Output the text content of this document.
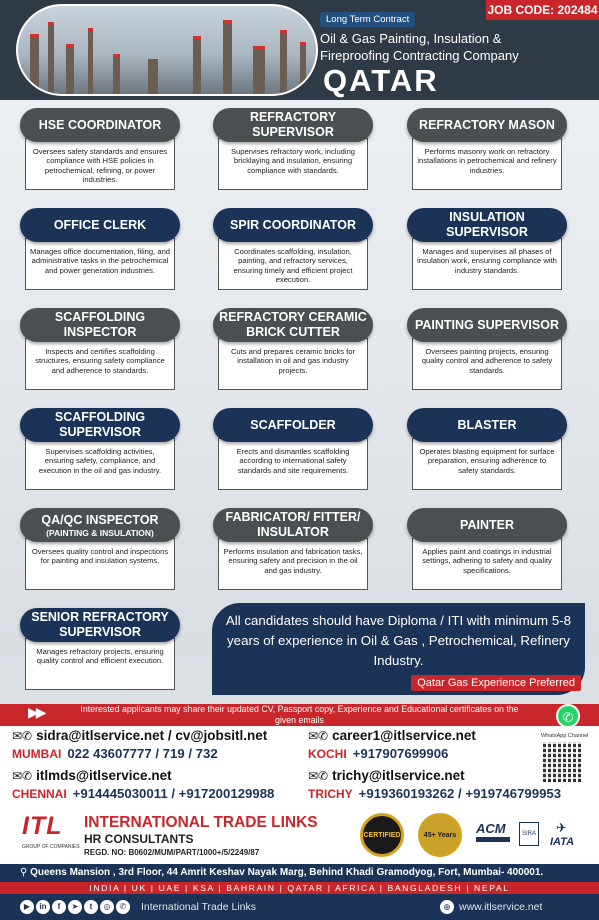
JOB CODE: 202484
Long Term Contract
Oil & Gas Painting, Insulation & Fireproofing Contracting Company
QATAR
HSE COORDINATOR
Oversees safety standards and ensures compliance with HSE policies in petrochemical, refining, or power industries.
REFRACTORY SUPERVISOR
Supervises refractory work, including bricklaying and insulation, ensuring compliance with standards.
REFRACTORY MASON
Performs masonry work on refractory installations in petrochemical and refinery industries.
OFFICE CLERK
Manages office documentation, filing, and administrative tasks in the petrochemical and power generation industries.
SPIR COORDINATOR
Coordinates scaffolding, insulation, painting, and refractory services, ensuring timely and efficient project execution.
INSULATION SUPERVISOR
Manages and supervises all phases of insulation work, ensuring compliance with industry standards.
SCAFFOLDING INSPECTOR
Inspects and certifies scaffolding structures, ensuring safety compliance and adherence to standards.
REFRACTORY CERAMIC BRICK CUTTER
Cuts and prepares ceramic bricks for installation in oil and gas industry projects.
PAINTING SUPERVISOR
Oversees painting projects, ensuring quality control and adherence to safety standards.
SCAFFOLDING SUPERVISOR
Supervises scaffolding activities, ensuring safety, compliance, and execution in the oil and gas industry.
SCAFFOLDER
Erects and dismantles scaffolding according to international safety standards and site requirements.
BLASTER
Operates blasting equipment for surface preparation, ensuring adherence to safety standards.
QA/QC INSPECTOR
(PAINTING & INSULATION)
Oversees quality control and inspections for painting and insulation systems.
FABRICATOR/ FITTER/ INSULATOR
Performs insulation and fabrication tasks, ensuring safety and precision in the oil and gas industry.
PAINTER
Applies paint and coatings in industrial settings, adhering to safety and quality specifications.
SENIOR REFRACTORY SUPERVISOR
Manages refractory projects, ensuring quality control and efficient execution.
All candidates should have Diploma / ITI with minimum 5-8 years of experience in Oil & Gas , Petrochemical, Refinery Industry.
Qatar Gas Experience Preferred
▶▶	Interested applicants may share their updated CV, Passport copy, Experience and Educational certificates on the given emails	✆
WhatsApp Channel
✉✆ sidra@itlservice.net / cv@jobsitl.net
MUMBAI 022 43607777 / 719 / 732
✉✆ career1@itlservice.net
KOCHI +917907699906
✉✆ itlmds@itlservice.net
CHENNAI +914445030011 / +917200129988
✉✆ trichy@itlservice.net
TRICHY +919360193262 / +919746799953
ITL
GROUP OF COMPANIES
INTERNATIONAL TRADE LINKS
HR CONSULTANTS
REGD. NO: B0602/MUM/PART/1000+/5/2249/87
CERTIFIED	45+ Years	ACM	SIRA ✈
IATA
⚲ Queens Mansion , 3rd Floor, 44 Amrit Keshav Nayak Marg, Behind Khadi Gramodyog, Fort, Mumbai- 400001.
INDIA | UK | UAE | KSA | BAHRAIN | QATAR | AFRICA | BANGLADESH | NEPAL
▶	in	f	➤	t	◎	✆	International Trade Links	⊕ www.itlservice.net
